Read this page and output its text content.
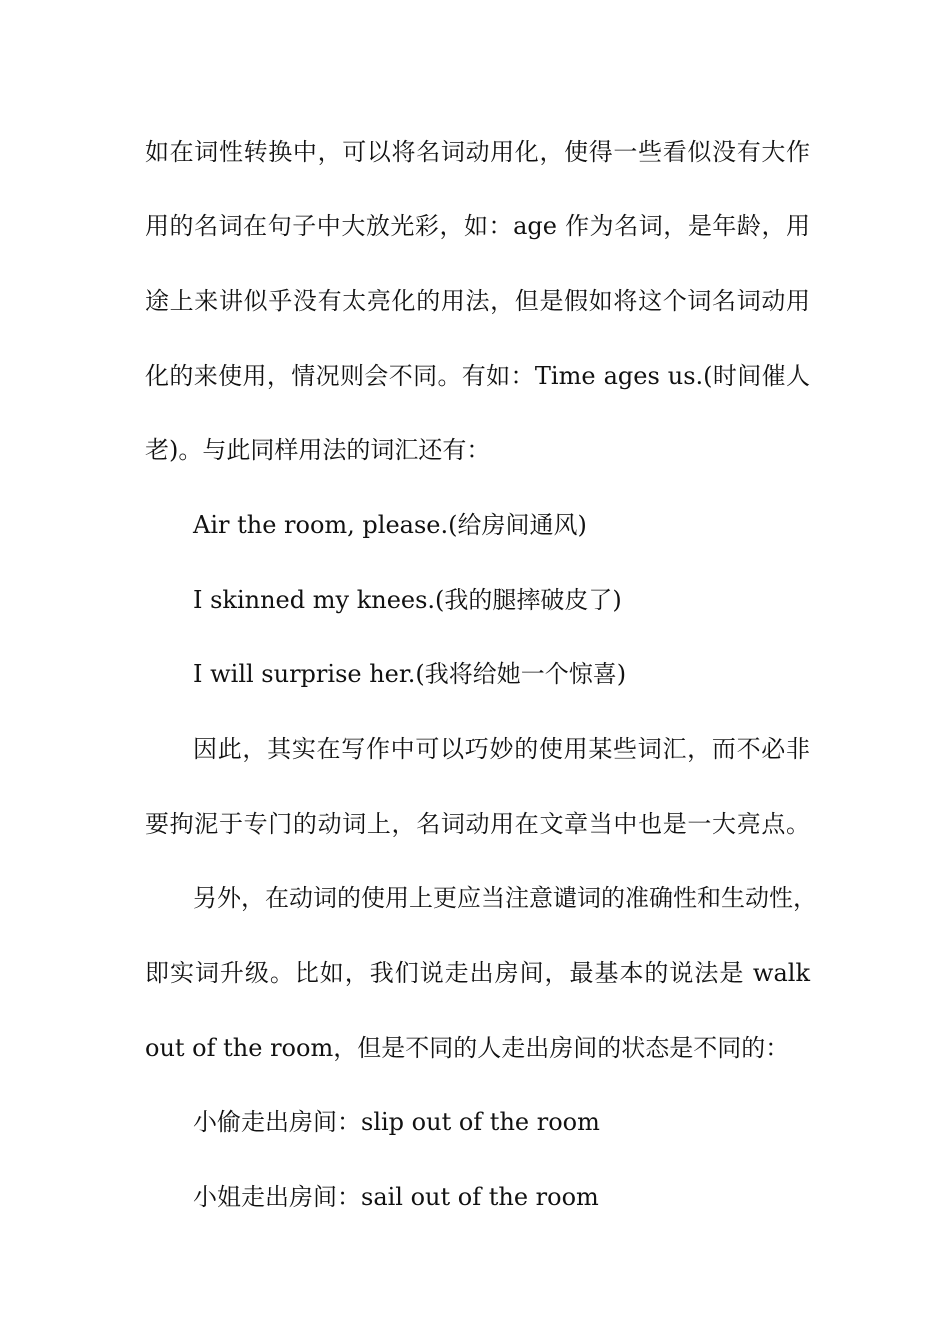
如在词性转换中，可以将名词动用化，使得一些看似没有大作
用的名词在句子中大放光彩，如：age 作为名词，是年龄，用
途上来讲似乎没有太亮化的用法，但是假如将这个词名词动用
化的来使用，情况则会不同。有如：Time ages us.(时间催人
老)。与此同样用法的词汇还有：
Air the room, please.(给房间通风)
I skinned my knees.(我的腿摔破皮了)
I will surprise her.(我将给她一个惊喜)
因此，其实在写作中可以巧妙的使用某些词汇，而不必非
要拘泥于专门的动词上，名词动用在文章当中也是一大亮点。
另外，在动词的使用上更应当注意谴词的准确性和生动性，
即实词升级。比如，我们说走出房间，最基本的说法是 walk
out of the room，但是不同的人走出房间的状态是不同的：
小偷走出房间：slip out of the room
小姐走出房间：sail out of the room
